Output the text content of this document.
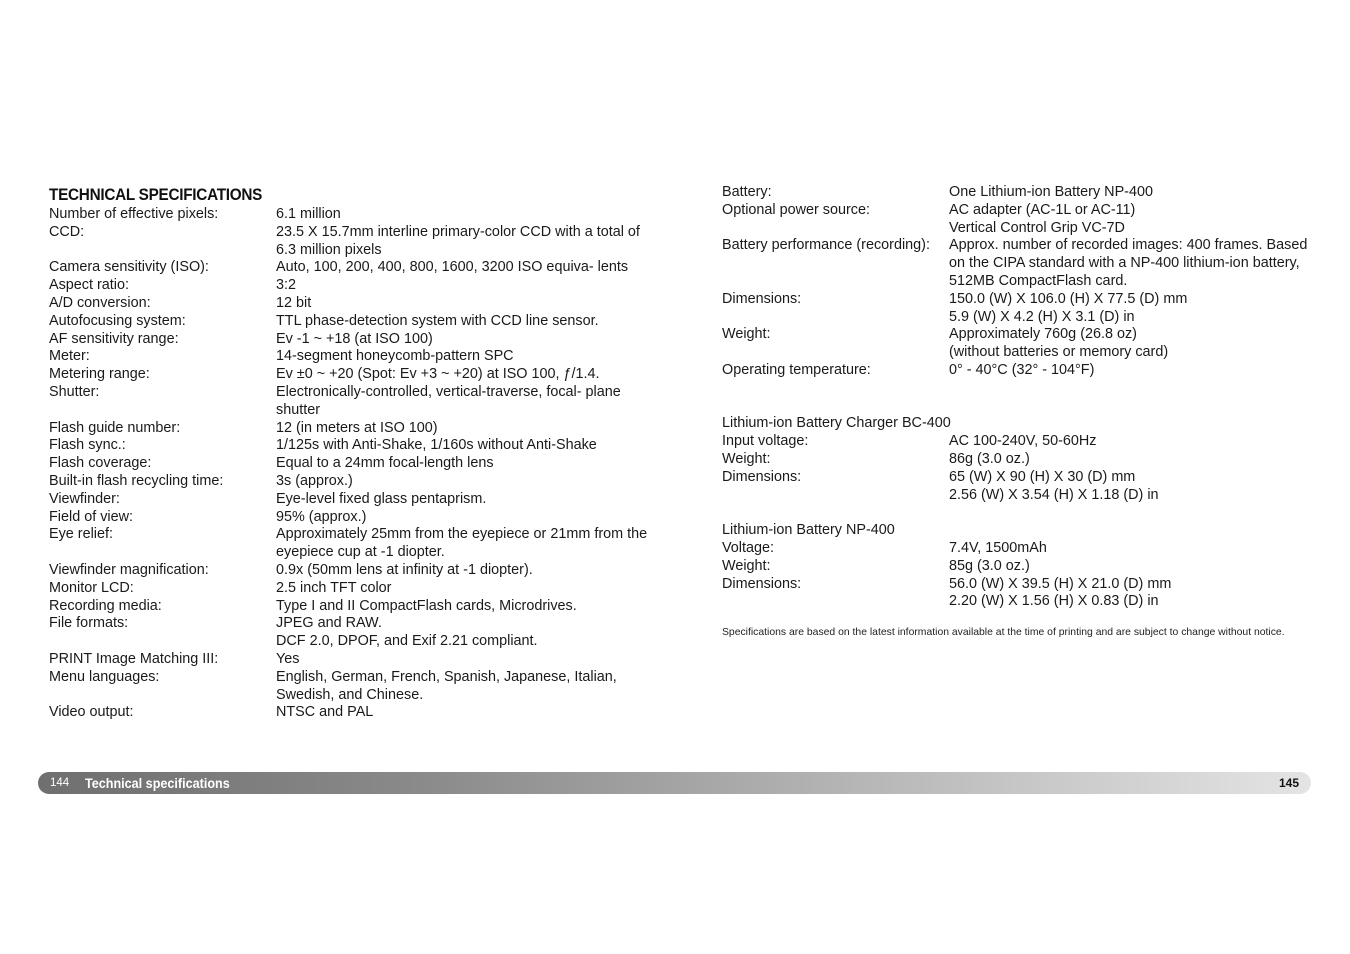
TECHNICAL SPECIFICATIONS
Number of effective pixels:	6.1 million
CCD:	23.5 X 15.7mm interline primary-color CCD with a total of 6.3 million pixels
Camera sensitivity (ISO):	Auto, 100, 200, 400, 800, 1600, 3200 ISO equiva- lents
Aspect ratio:	3:2
A/D conversion:	12 bit
Autofocusing system:	TTL phase-detection system with CCD line sensor.
AF sensitivity range:	Ev -1 ~ +18 (at ISO 100)
Meter:	14-segment honeycomb-pattern SPC
Metering range:	Ev ±0 ~ +20 (Spot: Ev +3 ~ +20) at ISO 100, ƒ/1.4.
Shutter:	Electronically-controlled, vertical-traverse, focal- plane shutter
Flash guide number:	12 (in meters at ISO 100)
Flash sync.:	1/125s with Anti-Shake, 1/160s without Anti-Shake
Flash coverage:	Equal to a 24mm focal-length lens
Built-in flash recycling time:	3s (approx.)
Viewfinder:	Eye-level fixed glass pentaprism.
Field of view:	95% (approx.)
Eye relief:	Approximately 25mm from the eyepiece or 21mm from the eyepiece cup at -1 diopter.
Viewfinder magnification:	0.9x (50mm lens at infinity at -1 diopter).
Monitor LCD:	2.5 inch TFT color
Recording media:	Type I and II CompactFlash cards, Microdrives.
File formats:	JPEG and RAW.
DCF 2.0, DPOF, and Exif 2.21 compliant.
PRINT Image Matching III:	Yes
Menu languages:	English, German, French, Spanish, Japanese, Italian, Swedish, and Chinese.
Video output:	NTSC and PAL
Battery:	One Lithium-ion Battery NP-400
Optional power source:	AC adapter (AC-1L or AC-11)
Vertical Control Grip VC-7D
Battery performance (recording):	Approx. number of recorded images: 400 frames. Based on the CIPA standard with a NP-400 lithium-ion battery, 512MB CompactFlash card.
Dimensions:	150.0 (W) X 106.0 (H) X 77.5 (D) mm
5.9 (W) X 4.2 (H) X 3.1 (D) in
Weight:	Approximately 760g (26.8 oz)
(without batteries or memory card)
Operating temperature:	0° - 40°C (32° - 104°F)
Lithium-ion Battery Charger BC-400
Input voltage:	AC 100-240V, 50-60Hz
Weight:	86g (3.0 oz.)
Dimensions:	65 (W) X 90 (H) X 30 (D) mm
2.56 (W) X 3.54 (H) X 1.18 (D) in
Lithium-ion Battery NP-400
Voltage:	7.4V, 1500mAh
Weight:	85g (3.0 oz.)
Dimensions:	56.0 (W) X 39.5 (H) X 21.0 (D) mm
2.20 (W) X 1.56 (H) X 0.83 (D) in
Specifications are based on the latest information available at the time of printing and are subject to change without notice.
144 Technical specifications	145
